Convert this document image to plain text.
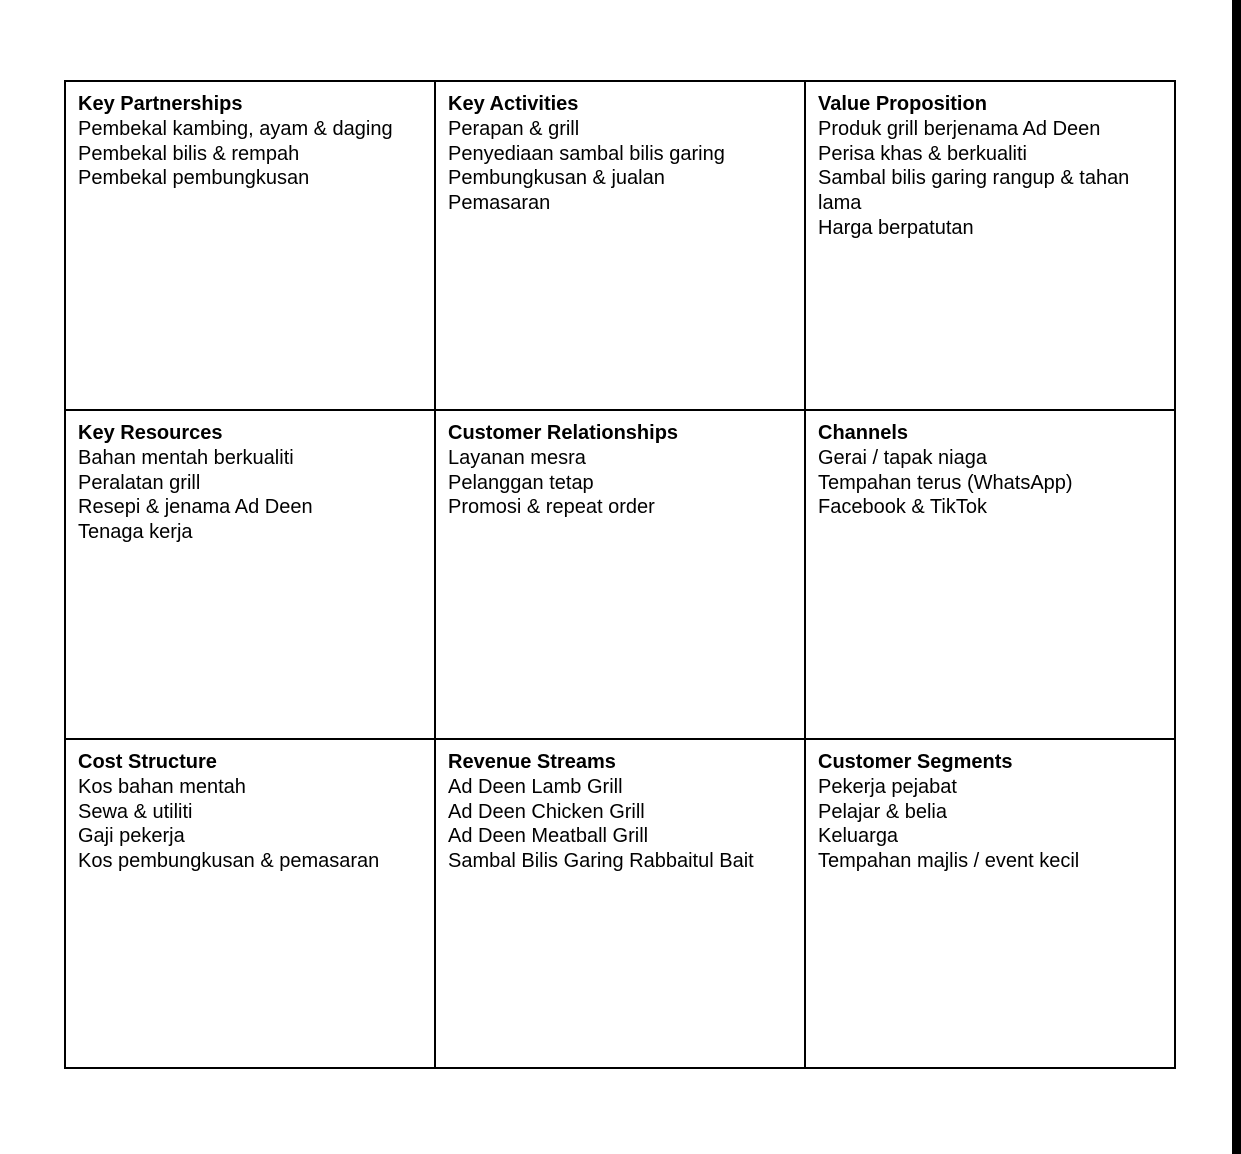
Key Partnerships
Pembekal kambing, ayam & daging
Pembekal bilis & rempah
Pembekal pembungkusan
Key Activities
Perapan & grill
Penyediaan sambal bilis garing
Pembungkusan & jualan
Pemasaran
Value Proposition
Produk grill berjenama Ad Deen
Perisa khas & berkualiti
Sambal bilis garing rangup & tahan lama
Harga berpatutan
Key Resources
Bahan mentah berkualiti
Peralatan grill
Resepi & jenama Ad Deen
Tenaga kerja
Customer Relationships
Layanan mesra
Pelanggan tetap
Promosi & repeat order
Channels
Gerai / tapak niaga
Tempahan terus (WhatsApp)
Facebook & TikTok
Cost Structure
Kos bahan mentah
Sewa & utiliti
Gaji pekerja
Kos pembungkusan & pemasaran
Revenue Streams
Ad Deen Lamb Grill
Ad Deen Chicken Grill
Ad Deen Meatball Grill
Sambal Bilis Garing Rabbaitul Bait
Customer Segments
Pekerja pejabat
Pelajar & belia
Keluarga
Tempahan majlis / event kecil
